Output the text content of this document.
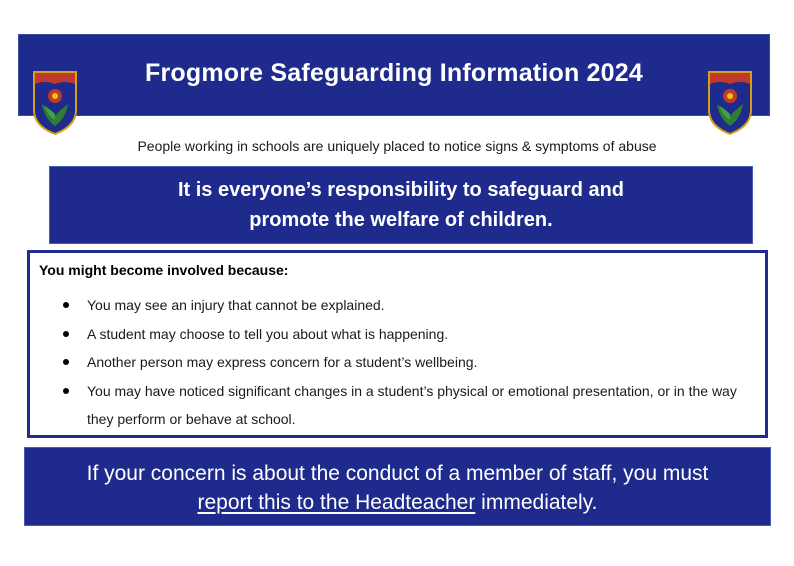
Frogmore Safeguarding Information 2024
People working in schools are uniquely placed to notice signs & symptoms of abuse
It is everyone’s responsibility to safeguard and
promote the welfare of children.
You might become involved because:
You may see an injury that cannot be explained.
A student may choose to tell you about what is happening.
Another person may express concern for a student’s wellbeing.
You may have noticed significant changes in a student’s physical or emotional presentation, or in the way they perform or behave at school.
If your concern is about the conduct of a member of staff, you must
report this to the Headteacher immediately.
